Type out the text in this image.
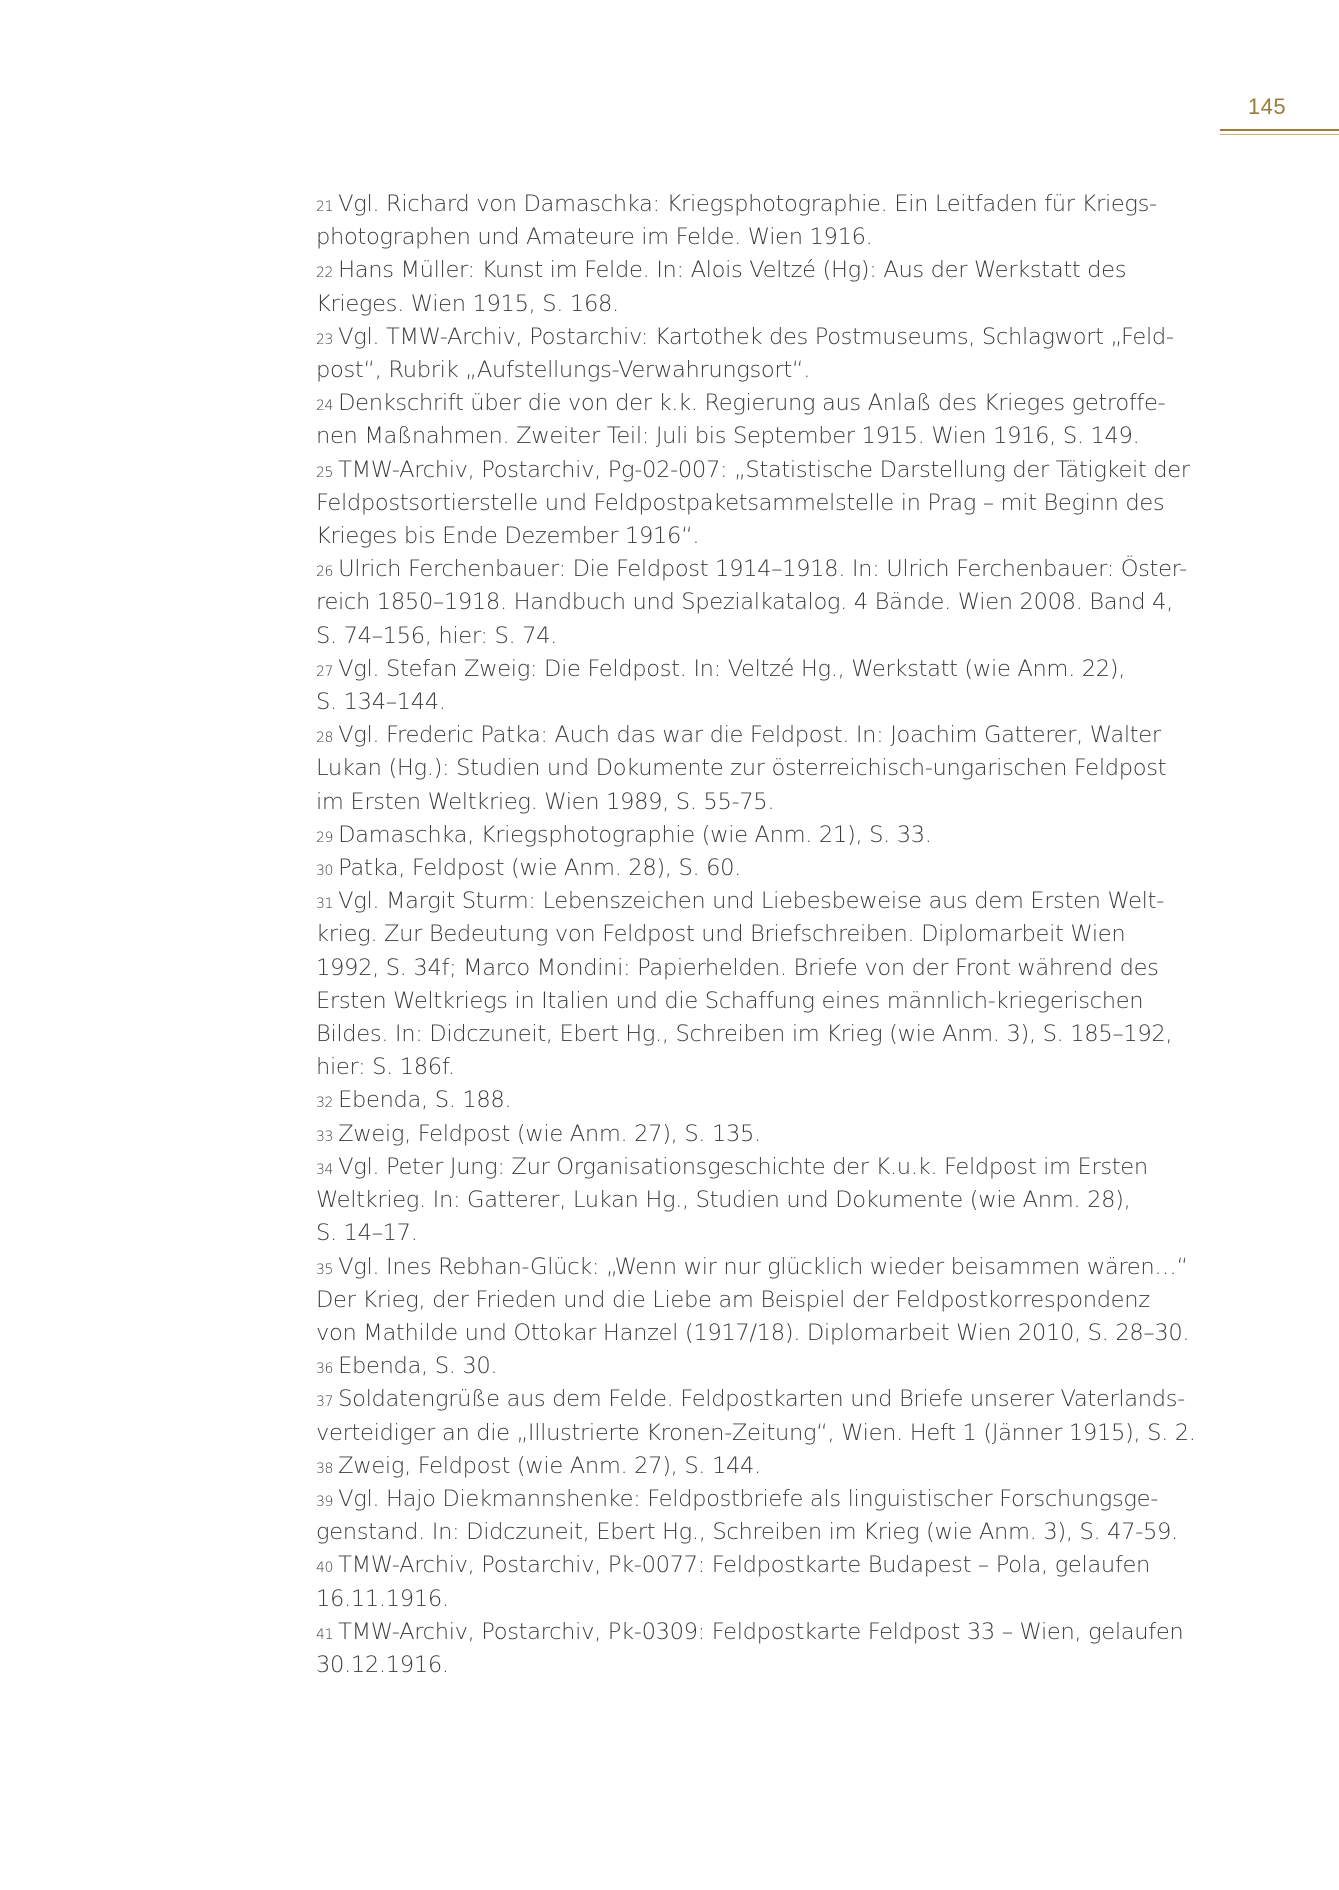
145

$^{21}$ Vgl. Richard von Damaschka: Kriegsphotographie. Ein Leitfaden für Kriegs-
photographen und Amateure im Felde. Wien 1916.

$^{22}$ Hans Müller: Kunst im Felde. In: Alois Veltzé (Hg): Aus der Werkstatt des
Krieges. Wien 1915, S. 168.

$^{23}$ Vgl. TMW-Archiv, Postarchiv: Kartothek des Postmuseums, Schlagwort „Feld-
post“, Rubrik „Aufstellungs-Verwahrungsort“.

$^{24}$ Denkschrift über die von der k.k. Regierung aus Anlaß des Krieges getroffe-
nen Maßnahmen. Zweiter Teil: Juli bis September 1915. Wien 1916, S. 149.

$^{25}$ TMW-Archiv, Postarchiv, Pg-02-007: „Statistische Darstellung der Tätigkeit der
Feldpostsortierstelle und Feldpostpaketsammelstelle in Prag – mit Beginn des
Krieges bis Ende Dezember 1916“.

$^{26}$ Ulrich Ferchenbauer: Die Feldpost 1914–1918. In: Ulrich Ferchenbauer: Öster-
reich 1850–1918. Handbuch und Spezialkatalog. 4 Bände. Wien 2008. Band 4,
S. 74–156, hier: S. 74.

$^{27}$ Vgl. Stefan Zweig: Die Feldpost. In: Veltzé Hg., Werkstatt (wie Anm. 22),
S. 134–144.

$^{28}$ Vgl. Frederic Patka: Auch das war die Feldpost. In: Joachim Gatterer, Walter
Lukan (Hg.): Studien und Dokumente zur österreichisch-ungarischen Feldpost
im Ersten Weltkrieg. Wien 1989, S. 55-75.

$^{29}$ Damaschka, Kriegsphotographie (wie Anm. 21), S. 33.

$^{30}$ Patka, Feldpost (wie Anm. 28), S. 60.

$^{31}$ Vgl. Margit Sturm: Lebenszeichen und Liebesbeweise aus dem Ersten Welt-
krieg. Zur Bedeutung von Feldpost und Briefschreiben. Diplomarbeit Wien
1992, S. 34f; Marco Mondini: Papierhelden. Briefe von der Front während des
Ersten Weltkriegs in Italien und die Schaffung eines männlich-kriegerischen
Bildes. In: Didczuneit, Ebert Hg., Schreiben im Krieg (wie Anm. 3), S. 185–192,
hier: S. 186f.

$^{32}$ Ebenda, S. 188.

$^{33}$ Zweig, Feldpost (wie Anm. 27), S. 135.

$^{34}$ Vgl. Peter Jung: Zur Organisationsgeschichte der K.u.k. Feldpost im Ersten
Weltkrieg. In: Gatterer, Lukan Hg., Studien und Dokumente (wie Anm. 28),
S. 14–17.

$^{35}$ Vgl. Ines Rebhan-Glück: „Wenn wir nur glücklich wieder beisammen wären…“
Der Krieg, der Frieden und die Liebe am Beispiel der Feldpostkorrespondenz
von Mathilde und Ottokar Hanzel (1917/18). Diplomarbeit Wien 2010, S. 28–30.

$^{36}$ Ebenda, S. 30.

$^{37}$ Soldatengrüße aus dem Felde. Feldpostkarten und Briefe unserer Vaterlands-
verteidiger an die „Illustrierte Kronen-Zeitung“, Wien. Heft 1 (Jänner 1915), S. 2.

$^{38}$ Zweig, Feldpost (wie Anm. 27), S. 144.

$^{39}$ Vgl. Hajo Diekmannshenke: Feldpostbriefe als linguistischer Forschungsge-
genstand. In: Didczuneit, Ebert Hg., Schreiben im Krieg (wie Anm. 3), S. 47-59.

$^{40}$ TMW-Archiv, Postarchiv, Pk-0077: Feldpostkarte Budapest – Pola, gelaufen
16.11.1916.

$^{41}$ TMW-Archiv, Postarchiv, Pk-0309: Feldpostkarte Feldpost 33 – Wien, gelaufen
30.12.1916.
